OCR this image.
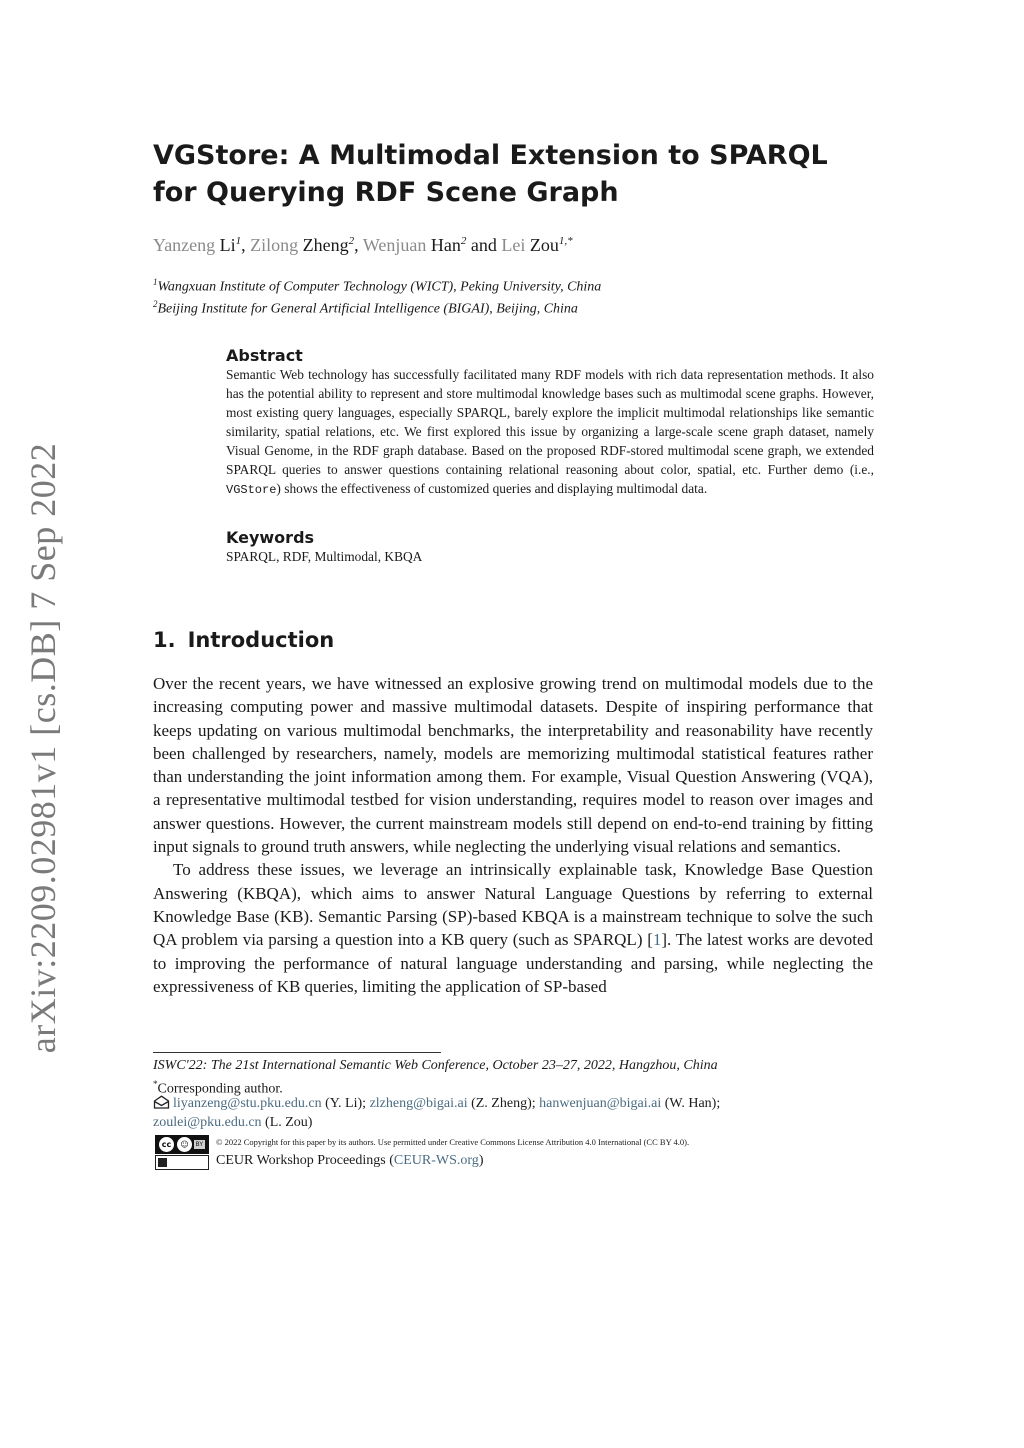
arXiv:2209.02981v1 [cs.DB] 7 Sep 2022
VGStore: A Multimodal Extension to SPARQL for Querying RDF Scene Graph
Yanzeng Li$^1$, Zilong Zheng$^2$, Wenjuan Han$^2$ and Lei Zou$^{1,*}$
$^1$Wangxuan Institute of Computer Technology (WICT), Peking University, China
$^2$Beijing Institute for General Artificial Intelligence (BIGAI), Beijing, China
Abstract

Semantic Web technology has successfully facilitated many RDF models with rich data representation methods. It also has the potential ability to represent and store multimodal knowledge bases such as multimodal scene graphs. However, most existing query languages, especially SPARQL, barely explore the implicit multimodal relationships like semantic similarity, spatial relations, etc. We first explored this issue by organizing a large-scale scene graph dataset, namely Visual Genome, in the RDF graph database. Based on the proposed RDF-stored multimodal scene graph, we extended SPARQL queries to answer questions containing relational reasoning about color, spatial, etc. Further demo (i.e., VGStore) shows the effectiveness of customized queries and displaying multimodal data.

Keywords

SPARQL, RDF, Multimodal, KBQA

1. Introduction

Over the recent years, we have witnessed an explosive growing trend on multimodal models due to the increasing computing power and massive multimodal datasets. Despite of inspiring performance that keeps updating on various multimodal benchmarks, the interpretability and reasonability have recently been challenged by researchers, namely, models are memorizing multimodal statistical features rather than understanding the joint information among them. For example, Visual Question Answering (VQA), a representative multimodal testbed for vision understanding, requires model to reason over images and answer questions. However, the current mainstream models still depend on end-to-end training by fitting input signals to ground truth answers, while neglecting the underlying visual relations and semantics.

To address these issues, we leverage an intrinsically explainable task, Knowledge Base Question Answering (KBQA), which aims to answer Natural Language Questions by referring to external Knowledge Base (KB). Semantic Parsing (SP)-based KBQA is a mainstream technique to solve the such QA problem via parsing a question into a KB query (such as SPARQL) [1]. The latest works are devoted to improving the performance of natural language understanding and parsing, while neglecting the expressiveness of KB queries, limiting the application of SP-based

ISWC'22: The 21st International Semantic Web Conference, October 23–27, 2022, Hangzhou, China
*Corresponding author.
liyanzeng@stu.pku.edu.cn (Y. Li); zlzheng@bigai.ai (Z. Zheng); hanwenjuan@bigai.ai (W. Han);
zoulei@pku.edu.cn (L. Zou)
cc	☺	BY © 2022 Copyright for this paper by its authors. Use permitted under Creative Commons License Attribution 4.0 International (CC BY 4.0).
CEUR Workshop Proceedings (CEUR-WS.org)
